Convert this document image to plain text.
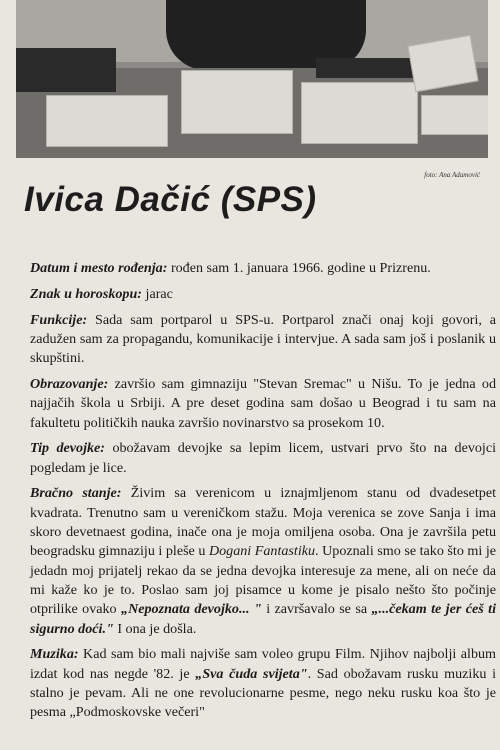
foto: Ana Adamović
Ivica Dačić (SPS)

Datum i mesto rođenja: rođen sam 1. januara 1966. godine u Prizrenu.

Znak u horoskopu: jarac

Funkcije: Sada sam portparol u SPS-u. Portparol znači onaj koji govori, a zadužen sam za propagandu, komunikacije i intervjue. A sada sam još i poslanik u skupštini.

Obrazovanje: završio sam gimnaziju "Stevan Sremac" u Nišu. To je jedna od najjačih škola u Srbiji. A pre deset godina sam došao u Beograd i tu sam na fakultetu političkih nauka završio novinarstvo sa prosekom 10.

Tip devojke: obožavam devojke sa lepim licem, ustvari prvo što na devojci pogledam je lice.

Bračno stanje: Živim sa verenicom u iznajmljenom stanu od dvadesetpet kvadrata. Trenutno sam u vereničkom stažu. Moja verenica se zove Sanja i ima skoro devetnaest godina, inače ona je moja omiljena osoba. Ona je završila petu beogradsku gimnaziju i pleše u Dogani Fantastiku. Upoznali smo se tako što mi je jedadn moj prijatelj rekao da se jedna devojka interesuje za mene, ali on neće da mi kaže ko je to. Poslao sam joj pisamce u kome je pisalo nešto što počinje otprilike ovako „Nepoznata devojko... " i završavalo se sa „...čekam te jer ćeš ti sigurno doći." I ona je došla.

Muzika: Kad sam bio mali najviše sam voleo grupu Film. Njihov najbolji album izdat kod nas negde '82. je „Sva čuda svijeta". Sad obožavam rusku muziku i stalno je pevam. Ali ne one revolucionarne pesme, nego neku rusku koa što je pesma „Podmoskovske večeri"
